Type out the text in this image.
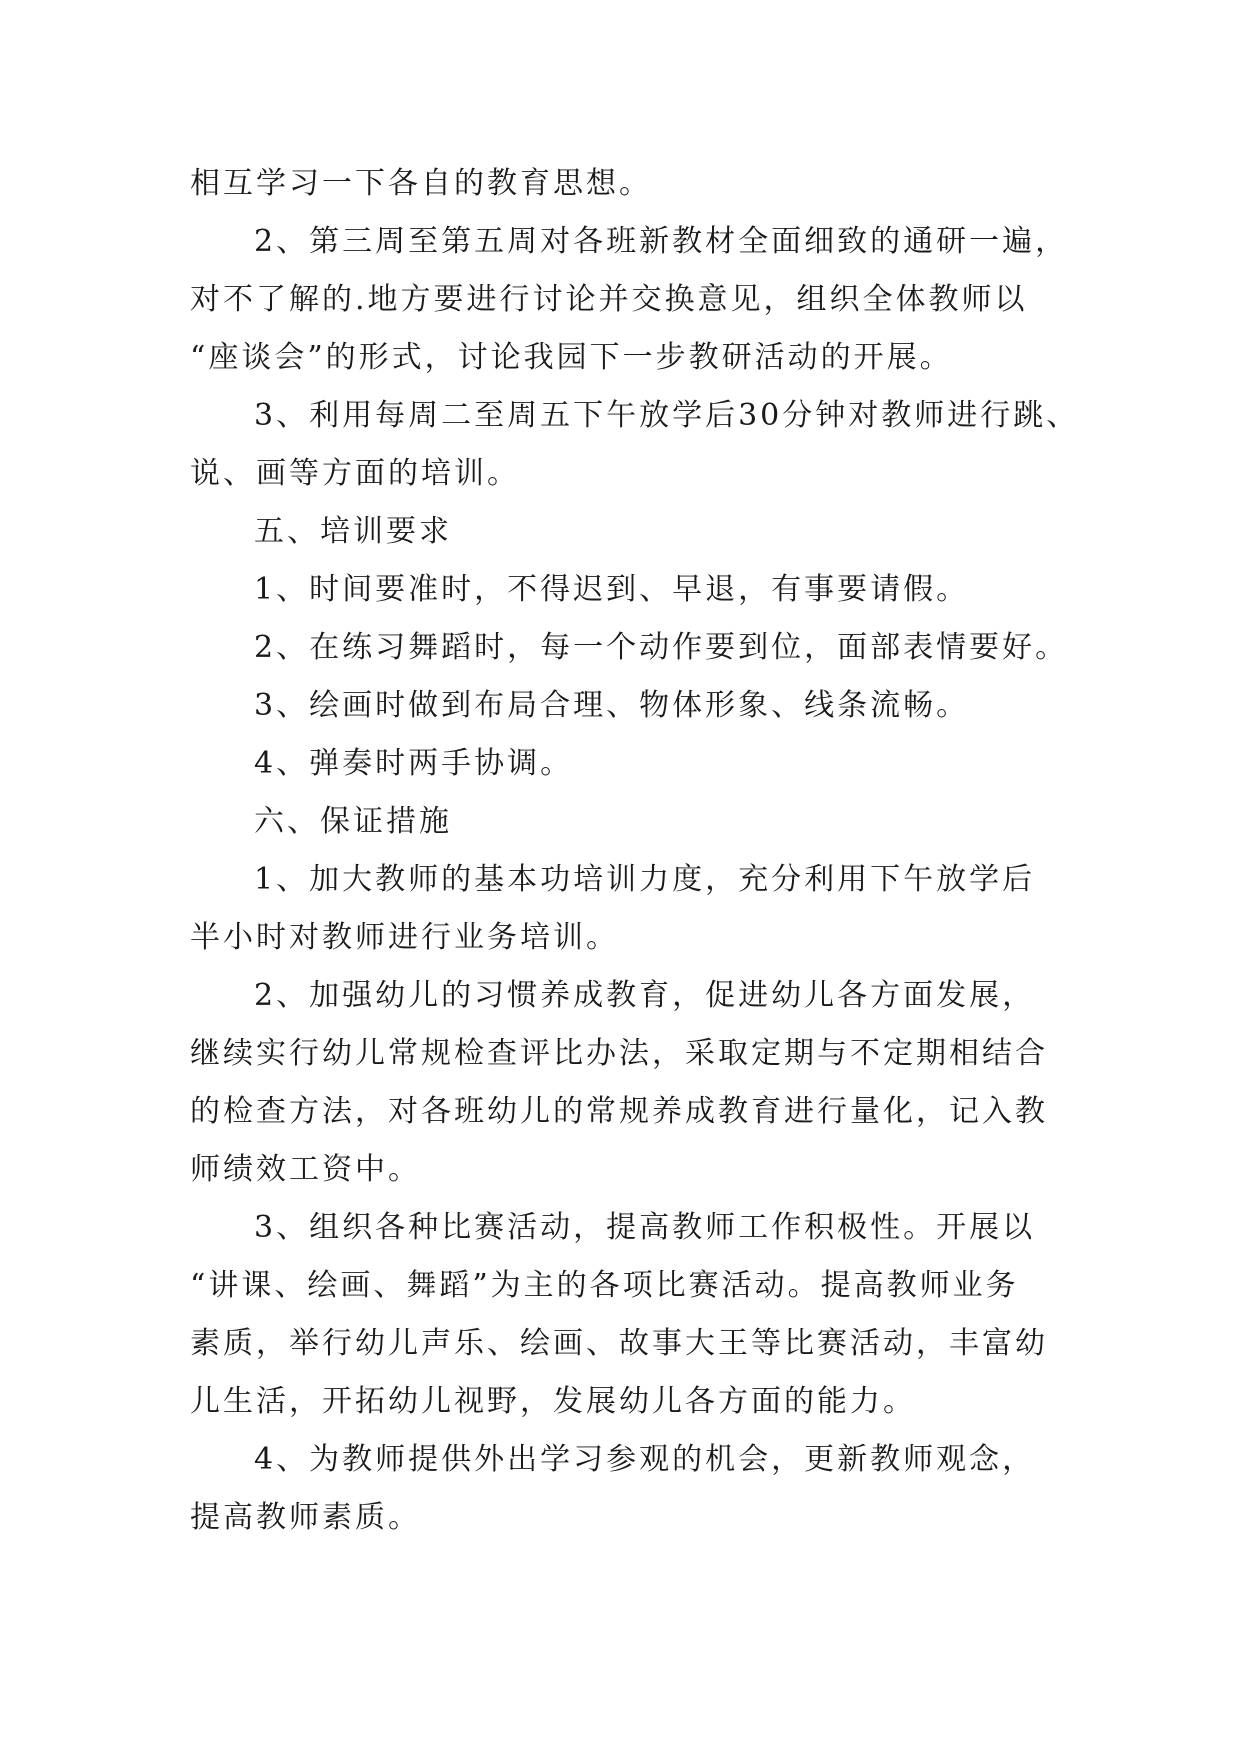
相互学习一下各自的教育思想。
2、第三周至第五周对各班新教材全面细致的通研一遍，
对不了解的.地方要进行讨论并交换意见，组织全体教师以
“座谈会”的形式，讨论我园下一步教研活动的开展。
3、利用每周二至周五下午放学后30分钟对教师进行跳、
说、画等方面的培训。
五、培训要求
1、时间要准时，不得迟到、早退，有事要请假。
2、在练习舞蹈时，每一个动作要到位，面部表情要好。
3、绘画时做到布局合理、物体形象、线条流畅。
4、弹奏时两手协调。
六、保证措施
1、加大教师的基本功培训力度，充分利用下午放学后
半小时对教师进行业务培训。
2、加强幼儿的习惯养成教育，促进幼儿各方面发展，
继续实行幼儿常规检查评比办法，采取定期与不定期相结合
的检查方法，对各班幼儿的常规养成教育进行量化，记入教
师绩效工资中。
3、组织各种比赛活动，提高教师工作积极性。开展以
“讲课、绘画、舞蹈”为主的各项比赛活动。提高教师业务
素质，举行幼儿声乐、绘画、故事大王等比赛活动，丰富幼
儿生活，开拓幼儿视野，发展幼儿各方面的能力。
4、为教师提供外出学习参观的机会，更新教师观念，
提高教师素质。
